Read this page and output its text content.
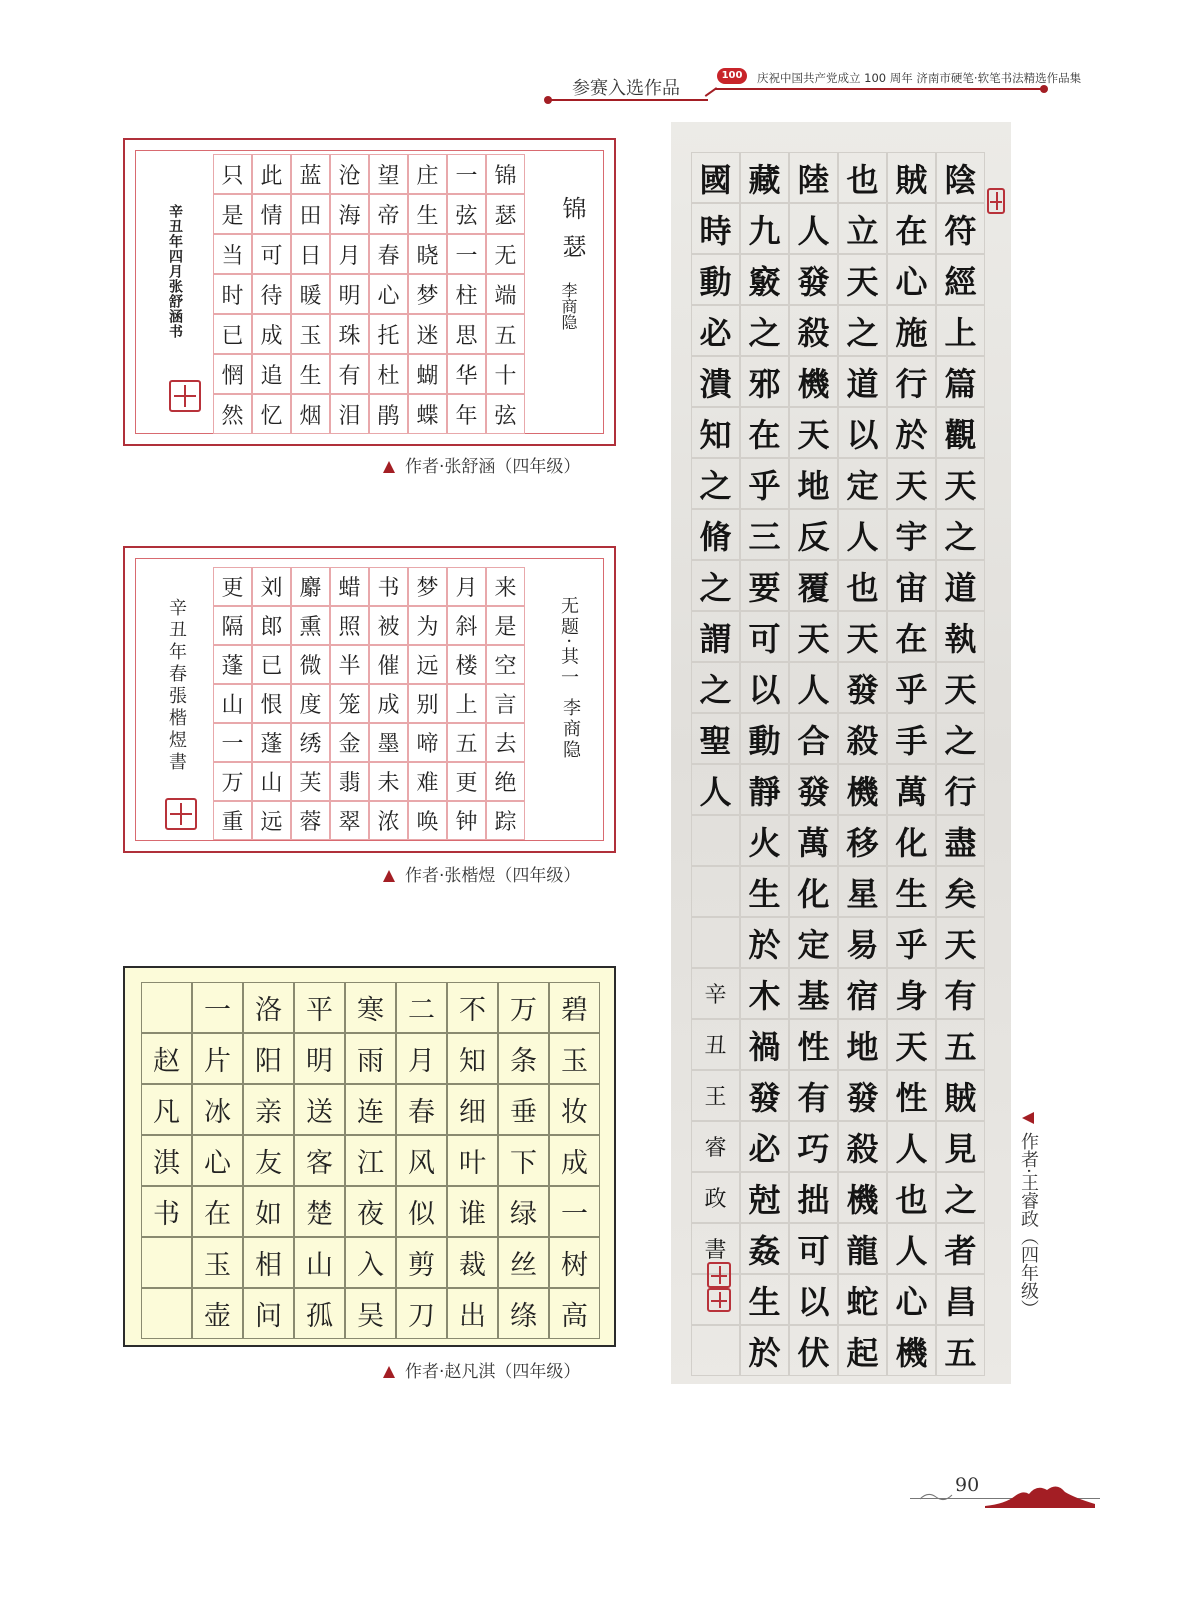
参赛入选作品
100	庆祝中国共产党成立 100 周年 济南市硬笔·软笔书法精选作品集
锦
瑟
无
端
五
十
弦
一
弦
一
柱
思
华
年
庄
生
晓
梦
迷
蝴
蝶
望
帝
春
心
托
杜
鹃
沧
海
月
明
珠
有
泪
蓝
田
日
暖
玉
生
烟
此
情
可
待
成
追
忆
只
是
当
时
已
惘
然
锦瑟
李商隐
辛丑年四月张舒涵书
作者·张舒涵（四年级）
来
是
空
言
去
绝
踪
月
斜
楼
上
五
更
钟
梦
为
远
别
啼
难
唤
书
被
催
成
墨
未
浓
蜡
照
半
笼
金
翡
翠
麝
熏
微
度
绣
芙
蓉
刘
郎
已
恨
蓬
山
远
更
隔
蓬
山
一
万
重
无题·其一
李商隐
辛丑年春張楷煜書
作者·张楷煜（四年级）
碧
玉
妆
成
一
树
高
万
条
垂
下
绿
丝
绦
不
知
细
叶
谁
裁
出
二
月
春
风
似
剪
刀
寒
雨
连
江
夜
入
吴
平
明
送
客
楚
山
孤
洛
阳
亲
友
如
相
问
一
片
冰
心
在
玉
壶
赵
凡
淇
书
作者·赵凡淇（四年级）
陰
符
經
上
篇
觀
天
之
道
執
天
之
行
盡
矣
天
有
五
賊
見
之
者
昌
五
賊
在
心
施
行
於
天
宇
宙
在
乎
手
萬
化
生
乎
身
天
性
人
也
人
心
機
也
立
天
之
道
以
定
人
也
天
發
殺
機
移
星
易
宿
地
發
殺
機
龍
蛇
起
陸
人
發
殺
機
天
地
反
覆
天
人
合
發
萬
化
定
基
性
有
巧
拙
可
以
伏
藏
九
竅
之
邪
在
乎
三
要
可
以
動
靜
火
生
於
木
禍
發
必
尅
姦
生
於
國
時
動
必
潰
知
之
脩
之
謂
之
聖
人
辛
丑
王
睿
政
書	作者·王睿政（四年级）
90
